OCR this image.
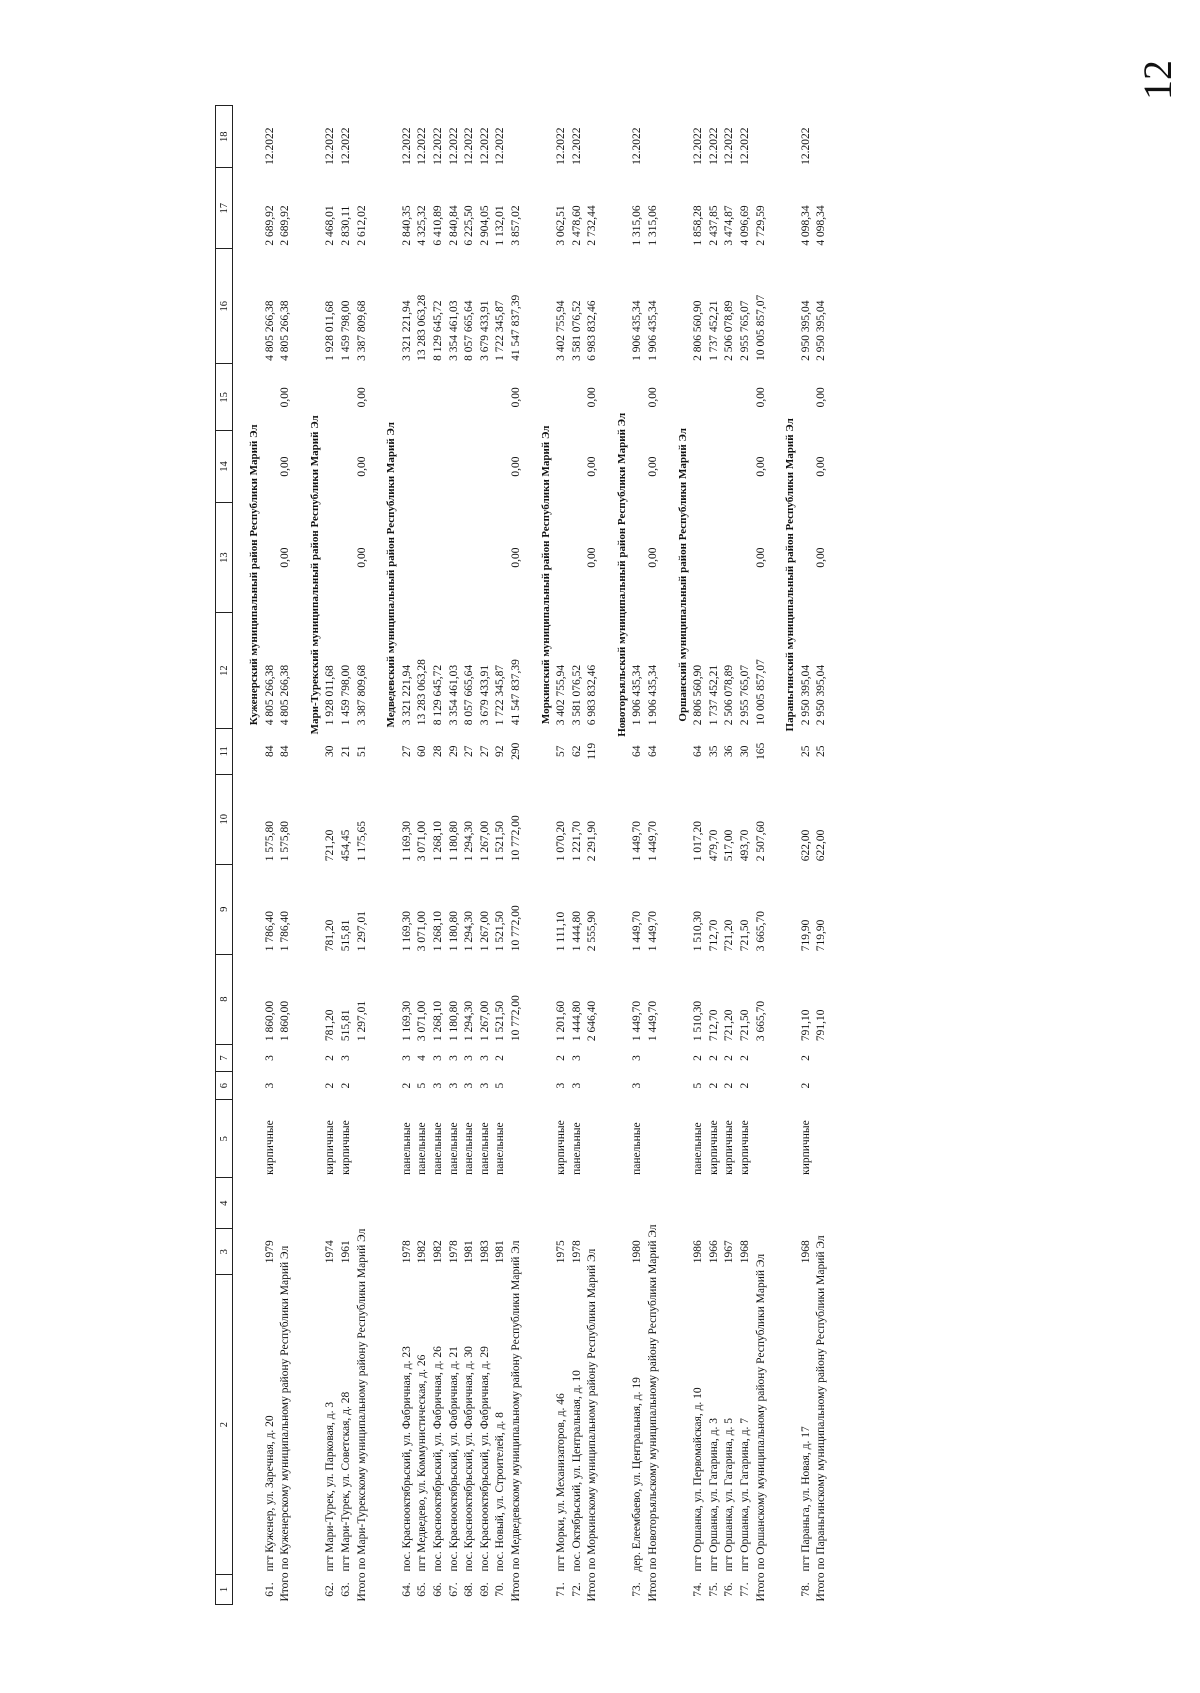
12
1	2	3	4	5	6	7	8	9	10	11	12	13	14	15	16	17	18

							Куженерский муниципальный район Республики Марий Эл										
61.	пгт Куженер, ул. Заречная, д. 20	1979		кирпичные	3	3	1 860,00	1 786,40	1 575,80	84	4 805 266,38				4 805 266,38	2 689,92	12.2022
Итого по Куженерскому муниципальному району Республики Марий Эл							1 860,00	1 786,40	1 575,80	84	4 805 266,38	0,00	0,00	0,00	4 805 266,38	2 689,92	

							Мари-Турекский муниципальный район Республики Марий Эл										
62.	пгт Мари-Турек, ул. Парковая, д. 3	1974		кирпичные	2	2	781,20	781,20	721,20	30	1 928 011,68				1 928 011,68	2 468,01	12.2022
63.	пгт Мари-Турек, ул. Советская, д. 28	1961		кирпичные	2	3	515,81	515,81	454,45	21	1 459 798,00				1 459 798,00	2 830,11	12.2022
Итого по Мари-Турекскому муниципальному району Республики Марий Эл							1 297,01	1 297,01	1 175,65	51	3 387 809,68	0,00	0,00	0,00	3 387 809,68	2 612,02	

							Медведевский муниципальный район Республики Марий Эл										
64.	пос. Краснооктябрьский, ул. Фабричная, д. 23	1978		панельные	2	3	1 169,30	1 169,30	1 169,30	27	3 321 221,94				3 321 221,94	2 840,35	12.2022
65.	пгт Медведево, ул. Коммунистическая, д. 26	1982		панельные	5	4	3 071,00	3 071,00	3 071,00	60	13 283 063,28				13 283 063,28	4 325,32	12.2022
66.	пос. Краснооктябрьский, ул. Фабричная, д. 26	1982		панельные	3	3	1 268,10	1 268,10	1 268,10	28	8 129 645,72				8 129 645,72	6 410,89	12.2022
67.	пос. Краснооктябрьский, ул. Фабричная, д. 21	1978		панельные	3	3	1 180,80	1 180,80	1 180,80	29	3 354 461,03				3 354 461,03	2 840,84	12.2022
68.	пос. Краснооктябрьский, ул. Фабричная, д. 30	1981		панельные	3	3	1 294,30	1 294,30	1 294,30	27	8 057 665,64				8 057 665,64	6 225,50	12.2022
69.	пос. Краснооктябрьский, ул. Фабричная, д. 29	1983		панельные	3	3	1 267,00	1 267,00	1 267,00	27	3 679 433,91				3 679 433,91	2 904,05	12.2022
70.	пос. Новый, ул. Строителей, д. 8	1981		панельные	5	2	1 521,50	1 521,50	1 521,50	92	1 722 345,87				1 722 345,87	1 132,01	12.2022
Итого по Медведевскому муниципальному району Республики Марий Эл							10 772,00	10 772,00	10 772,00	290	41 547 837,39	0,00	0,00	0,00	41 547 837,39	3 857,02	

							Моркинский муниципальный район Республики Марий Эл										
71.	пгт Морки, ул. Механизаторов, д. 46	1975		кирпичные	3	2	1 201,60	1 111,10	1 070,20	57	3 402 755,94				3 402 755,94	3 062,51	12.2022
72.	пос. Октябрьский, ул. Центральная, д. 10	1978		панельные	3	3	1 444,80	1 444,80	1 221,70	62	3 581 076,52				3 581 076,52	2 478,60	12.2022
Итого по Моркинскому муниципальному району Республики Марий Эл							2 646,40	2 555,90	2 291,90	119	6 983 832,46	0,00	0,00	0,00	6 983 832,46	2 732,44	

							Новоторъяльский муниципальный район Республики Марий Эл										
73.	дер. Елеембаево, ул. Центральная, д. 19	1980		панельные	3	3	1 449,70	1 449,70	1 449,70	64	1 906 435,34				1 906 435,34	1 315,06	12.2022
Итого по Новоторъяльскому муниципальному району Республики Марий Эл							1 449,70	1 449,70	1 449,70	64	1 906 435,34	0,00	0,00	0,00	1 906 435,34	1 315,06	

							Оршанский муниципальный район Республики Марий Эл										
74.	пгт Оршанка, ул. Первомайская, д. 10	1986		панельные	5	2	1 510,30	1 510,30	1 017,20	64	2 806 560,90				2 806 560,90	1 858,28	12.2022
75.	пгт Оршанка, ул. Гагарина, д. 3	1966		кирпичные	2	2	712,70	712,70	479,70	35	1 737 452,21				1 737 452,21	2 437,85	12.2022
76.	пгт Оршанка, ул. Гагарина, д. 5	1967		кирпичные	2	2	721,20	721,20	517,00	36	2 506 078,89				2 506 078,89	3 474,87	12.2022
77.	пгт Оршанка, ул. Гагарина, д. 7	1968		кирпичные	2	2	721,50	721,50	493,70	30	2 955 765,07				2 955 765,07	4 096,69	12.2022
Итого по Оршанскому муниципальному району Республики Марий Эл							3 665,70	3 665,70	2 507,60	165	10 005 857,07	0,00	0,00	0,00	10 005 857,07	2 729,59	

							Параньгинский муниципальный район Республики Марий Эл										
78.	пгт Параньга, ул. Новая, д. 17	1968		кирпичные	2	2	791,10	719,90	622,00	25	2 950 395,04				2 950 395,04	4 098,34	12.2022
Итого по Параньгинскому муниципальному району Республики Марий Эл							791,10	719,90	622,00	25	2 950 395,04	0,00	0,00	0,00	2 950 395,04	4 098,34	
